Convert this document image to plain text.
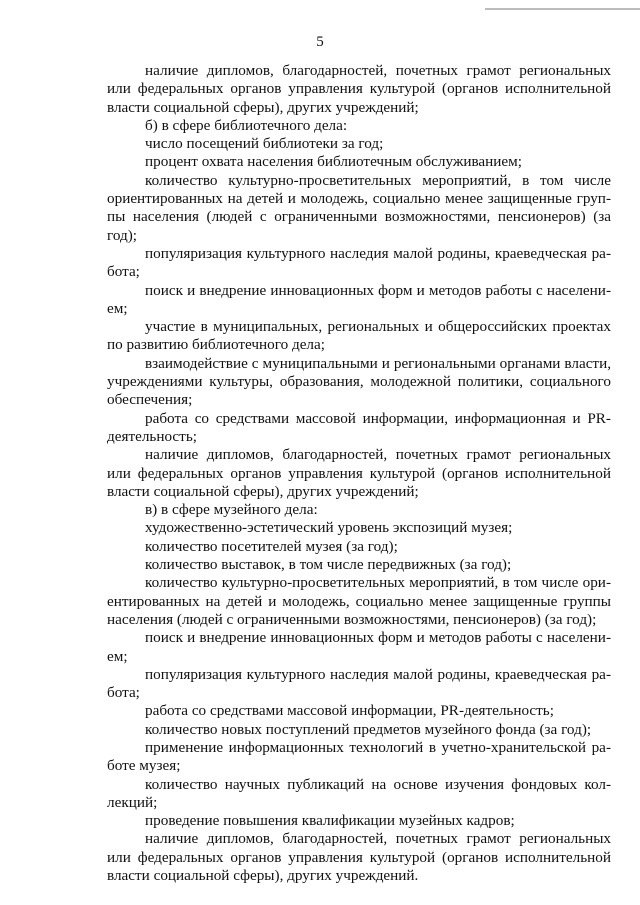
5

наличие дипломов, благодарностей, почетных грамот региональных или федеральных органов управления культурой (органов исполнительной власти социальной сферы), других учреждений;

б) в сфере библиотечного дела:

число посещений библиотеки за год;

процент охвата населения библиотечным обслуживанием;

количество культурно-просветительных мероприятий, в том числе ориентированных на детей и молодежь, социально менее защищенные группы населения (людей с ограниченными возможностями, пенсионеров) (за год);

популяризация культурного наследия малой родины, краеведческая работа;

поиск и внедрение инновационных форм и методов работы с населением;

участие в муниципальных, региональных и общероссийских проектах по развитию библиотечного дела;

взаимодействие с муниципальными и региональными органами власти, учреждениями культуры, образования, молодежной политики, социального обеспечения;

работа со средствами массовой информации, информационная и PR-деятельность;

наличие дипломов, благодарностей, почетных грамот региональных или федеральных органов управления культурой (органов исполнительной власти социальной сферы), других учреждений;

в) в сфере музейного дела:

художественно-эстетический уровень экспозиций музея;

количество посетителей музея (за год);

количество выставок, в том числе передвижных (за год);

количество культурно-просветительных мероприятий, в том числе ориентированных на детей и молодежь, социально менее защищенные группы населения (людей с ограниченными возможностями, пенсионеров) (за год);

поиск и внедрение инновационных форм и методов работы с населением;

популяризация культурного наследия малой родины, краеведческая работа;

работа со средствами массовой информации, PR-деятельность;

количество новых поступлений предметов музейного фонда (за год);

применение информационных технологий в учетно-хранительской работе музея;

количество научных публикаций на основе изучения фондовых коллекций;

проведение повышения квалификации музейных кадров;

наличие дипломов, благодарностей, почетных грамот региональных или федеральных органов управления культурой (органов исполнительной власти социальной сферы), других учреждений.
